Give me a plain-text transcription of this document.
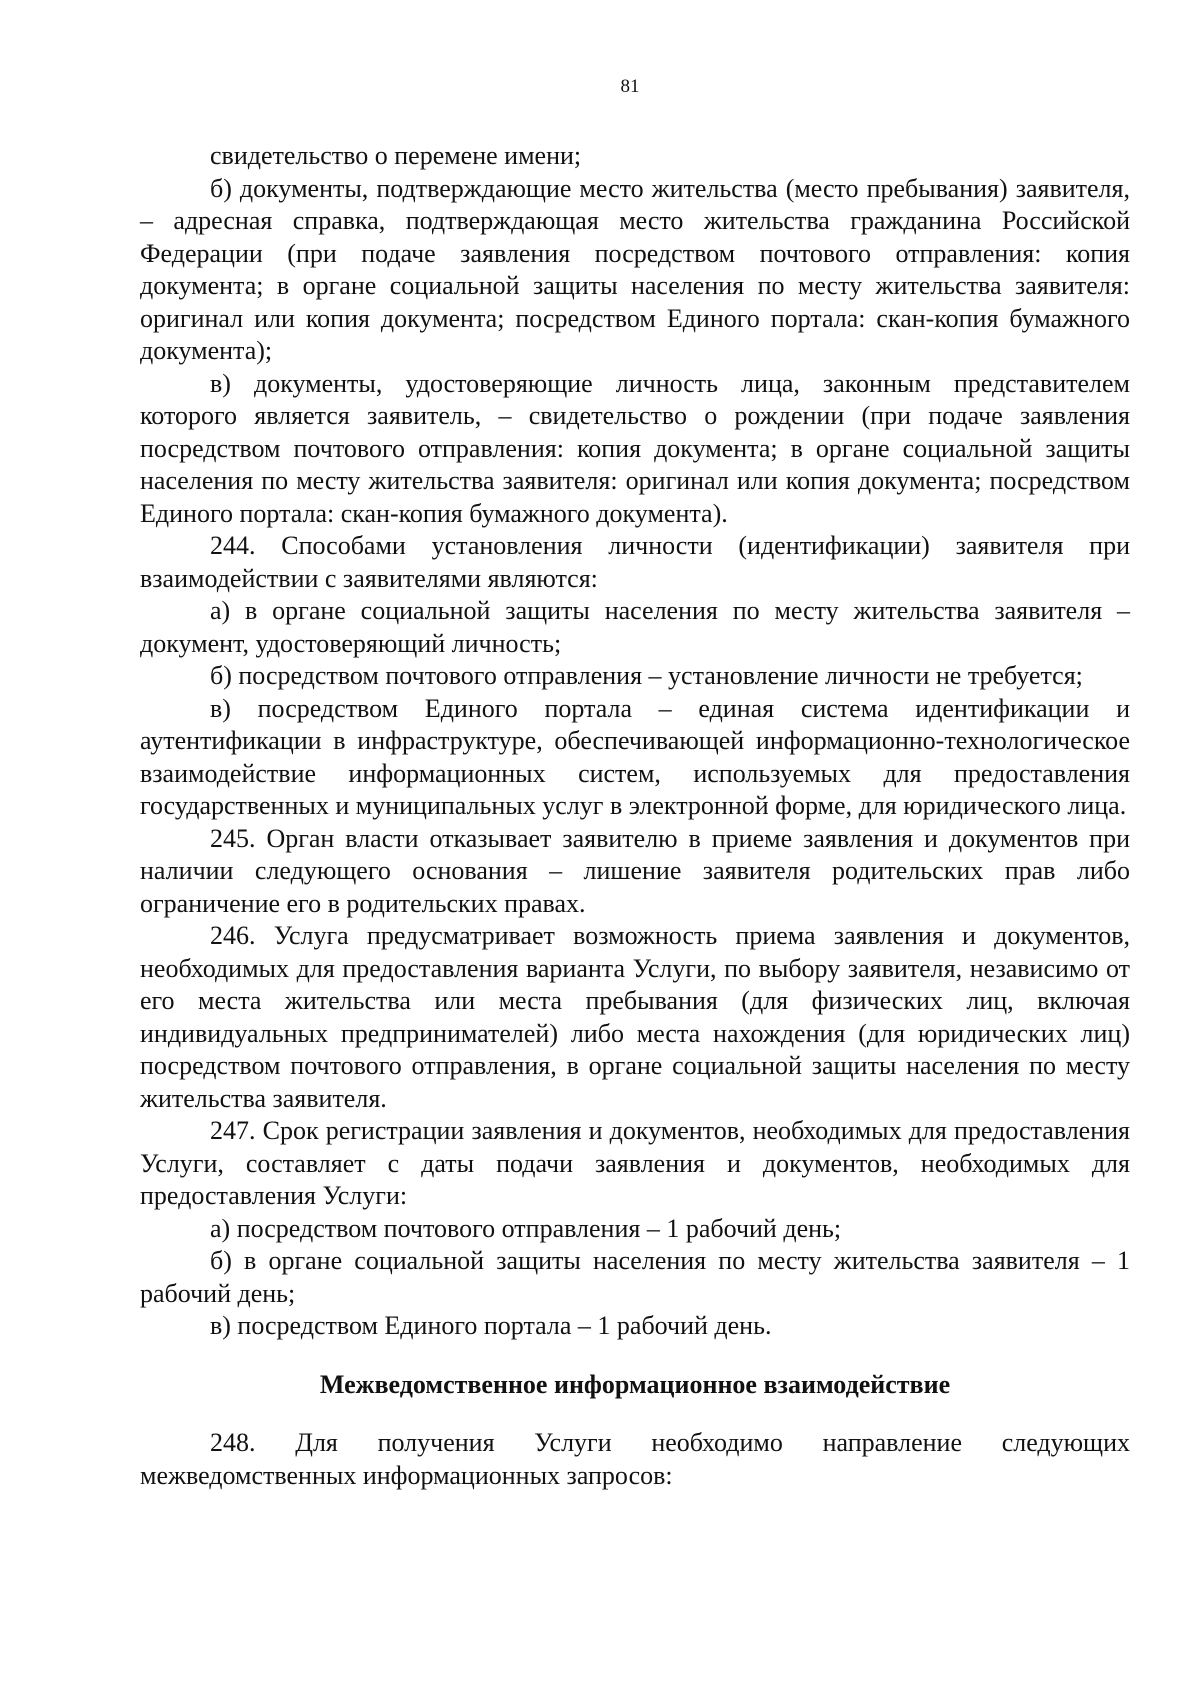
81

свидетельство о перемене имени;

б) документы, подтверждающие место жительства (место пребывания) заявителя, – адресная справка, подтверждающая место жительства гражданина Российской Федерации (при подаче заявления посредством почтового отправления: копия документа; в органе социальной защиты населения по месту жительства заявителя: оригинал или копия документа; посредством Единого портала: скан-копия бумажного документа);

в) документы, удостоверяющие личность лица, законным представителем которого является заявитель, – свидетельство о рождении (при подаче заявления посредством почтового отправления: копия документа; в органе социальной защиты населения по месту жительства заявителя: оригинал или копия документа; посредством Единого портала: скан-копия бумажного документа).

244. Способами установления личности (идентификации) заявителя при взаимодействии с заявителями являются:

а) в органе социальной защиты населения по месту жительства заявителя – документ, удостоверяющий личность;

б) посредством почтового отправления – установление личности не требуется;

в) посредством Единого портала – единая система идентификации и аутентификации в инфраструктуре, обеспечивающей информационно-технологическое взаимодействие информационных систем, используемых для предоставления государственных и муниципальных услуг в электронной форме, для юридического лица.

245. Орган власти отказывает заявителю в приеме заявления и документов при наличии следующего основания – лишение заявителя родительских прав либо ограничение его в родительских правах.

246. Услуга предусматривает возможность приема заявления и документов, необходимых для предоставления варианта Услуги, по выбору заявителя, независимо от его места жительства или места пребывания (для физических лиц, включая индивидуальных предпринимателей) либо места нахождения (для юридических лиц) посредством почтового отправления, в органе социальной защиты населения по месту жительства заявителя.

247. Срок регистрации заявления и документов, необходимых для предоставления Услуги, составляет с даты подачи заявления и документов, необходимых для предоставления Услуги:

а) посредством почтового отправления – 1 рабочий день;

б) в органе социальной защиты населения по месту жительства заявителя – 1 рабочий день;

в) посредством Единого портала – 1 рабочий день.

Межведомственное информационное взаимодействие

248. Для получения Услуги необходимо направление следующих межведомственных информационных запросов:
